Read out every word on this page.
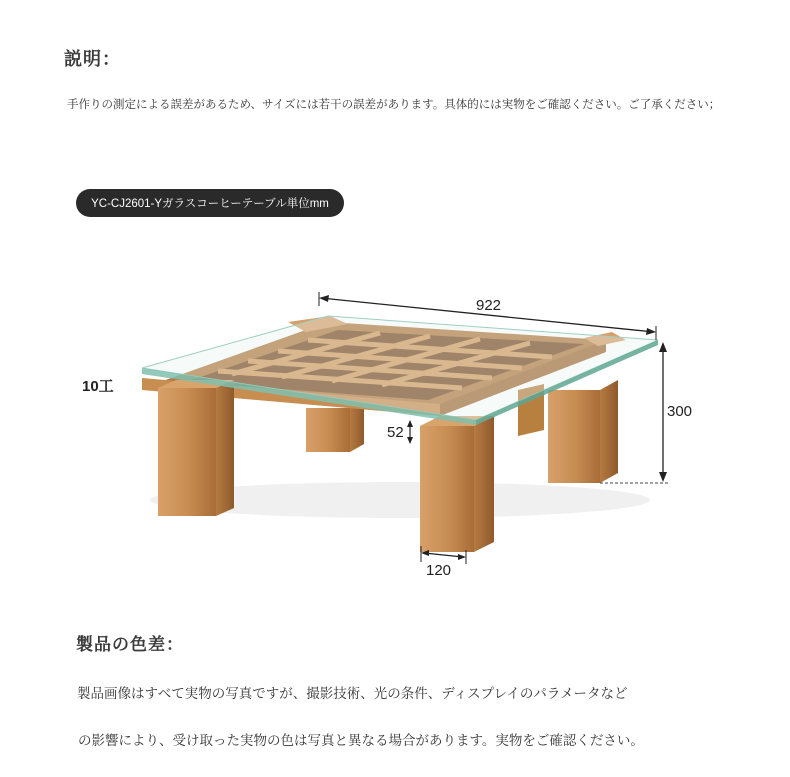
説明：
手作りの測定による誤差があるため、サイズには若干の誤差があります。具体的には実物をご確認ください。ご了承ください；
YC-CJ2601-Yガラスコーヒーテーブル単位mm
922
300
10工
52
120
製品の色差：
製品画像はすべて実物の写真ですが、撮影技術、光の条件、ディスプレイのパラメータなど
の影響により、受け取った実物の色は写真と異なる場合があります。実物をご確認ください。
